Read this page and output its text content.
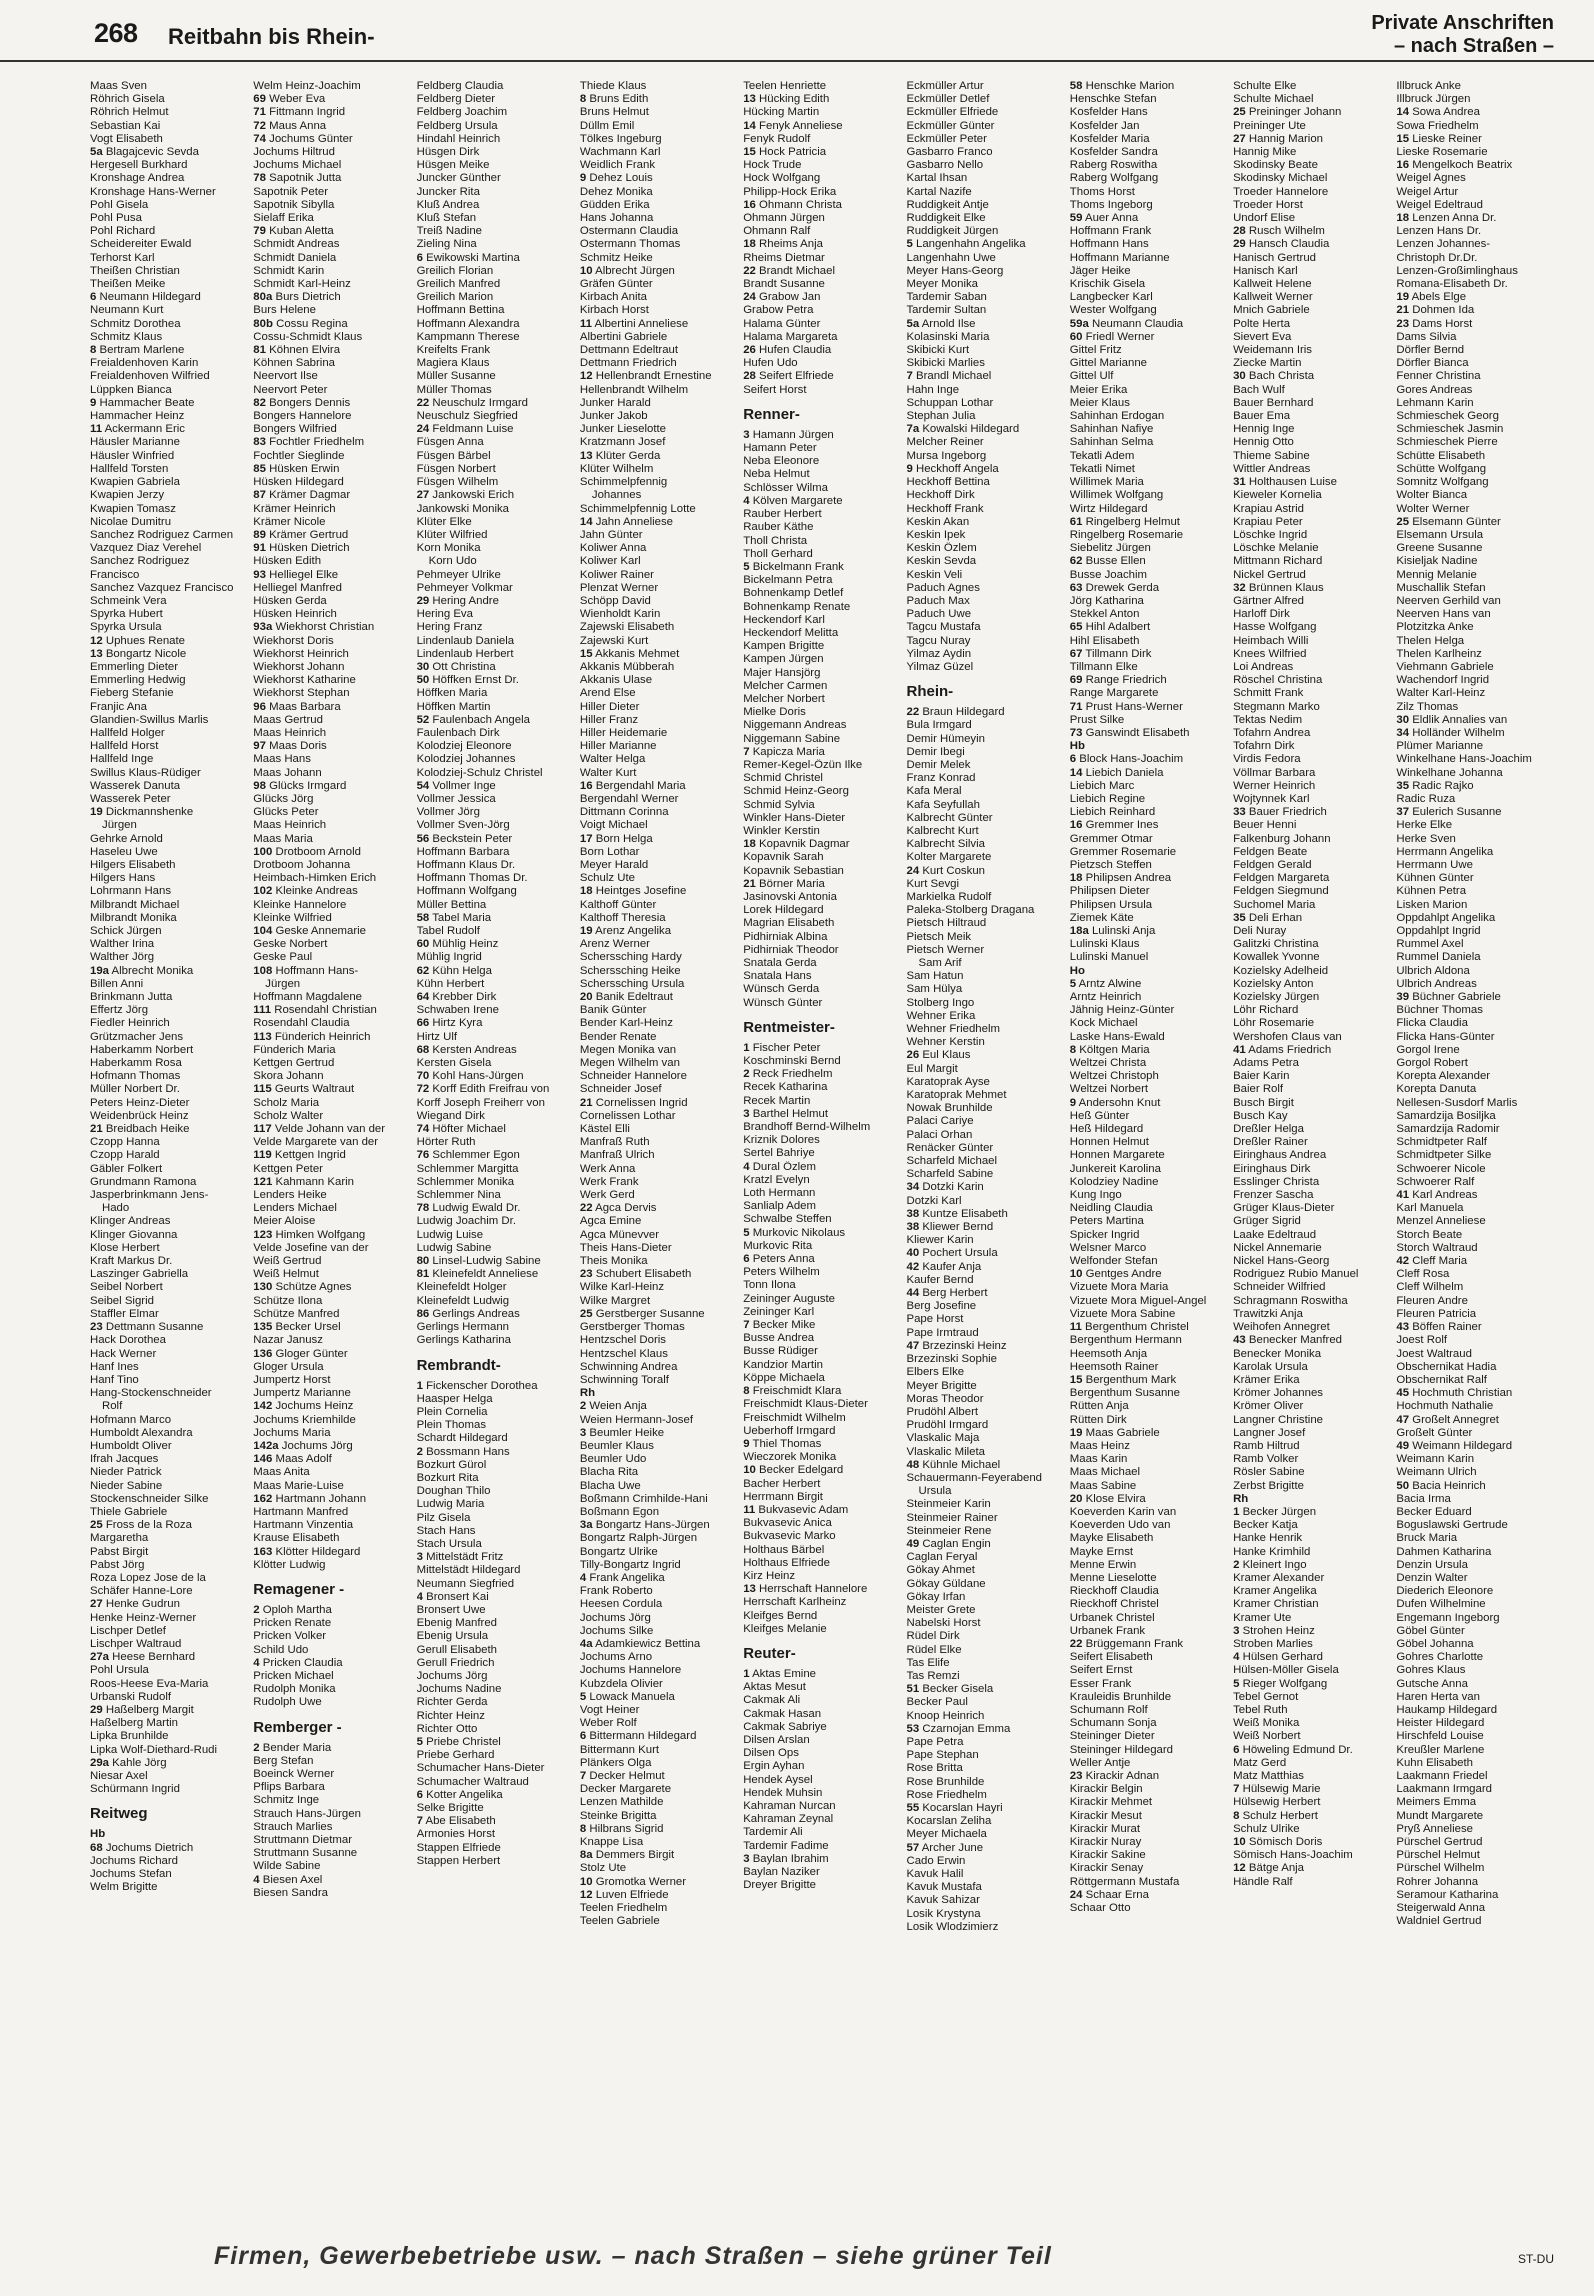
268 Reitbahn bis Rhein-
Private Anschriften
– nach Straßen –
Maas Sven
Röhrich Gisela
Röhrich Helmut
Sebastian Kai
Vogt Elisabeth
5a Blagajcevic Sevda
Hergesell Burkhard
Kronshage Andrea
Kronshage Hans-Werner
Pohl Gisela
Pohl Pusa
Pohl Richard
Scheidereiter Ewald
Terhorst Karl
Theißen Christian
Theißen Meike
6 Neumann Hildegard
Neumann Kurt
Schmitz Dorothea
Schmitz Klaus
8 Bertram Marlene
Freialdenhoven Karin
Freialdenhoven Wilfried
Lüppken Bianca
9 Hammacher Beate
Hammacher Heinz
11 Ackermann Eric
Häusler Marianne
Häusler Winfried
Hallfeld Torsten
Kwapien Gabriela
Kwapien Jerzy
Kwapien Tomasz
Nicolae Dumitru
Sanchez Rodriguez Carmen
Vazquez Diaz Verehel
Sanchez Rodriguez
Francisco
Sanchez Vazquez Francisco
Schmeink Vera
Spyrka Hubert
Spyrka Ursula
12 Uphues Renate
13 Bongartz Nicole
Emmerling Dieter
Emmerling Hedwig
Fieberg Stefanie
Franjic Ana
Glandien-Swillus Marlis
Hallfeld Holger
Hallfeld Horst
Hallfeld Inge
Swillus Klaus-Rüdiger
Wasserek Danuta
Wasserek Peter
19 Dickmannshenke
Jürgen
Gehrke Arnold
Haseleu Uwe
Hilgers Elisabeth
Hilgers Hans
Lohrmann Hans
Milbrandt Michael
Milbrandt Monika
Schick Jürgen
Walther Irina
Walther Jörg
19a Albrecht Monika
Billen Anni
Brinkmann Jutta
Effertz Jörg
Fiedler Heinrich
Grützmacher Jens
Haberkamm Norbert
Haberkamm Rosa
Hofmann Thomas
Müller Norbert Dr.
Peters Heinz-Dieter
Weidenbrück Heinz
21 Breidbach Heike
Czopp Hanna
Czopp Harald
Gäbler Folkert
Grundmann Ramona
Jasperbrinkmann Jens-
Hado
Klinger Andreas
Klinger Giovanna
Klose Herbert
Kraft Markus Dr.
Laszinger Gabriella
Seibel Norbert
Seibel Sigrid
Staffler Elmar
23 Dettmann Susanne
Hack Dorothea
Hack Werner
Hanf Ines
Hanf Tino
Hang-Stockenschneider
Rolf
Hofmann Marco
Humboldt Alexandra
Humboldt Oliver
Ifrah Jacques
Nieder Patrick
Nieder Sabine
Stockenschneider Silke
Thiele Gabriele
25 Fross de la Roza
Margaretha
Pabst Birgit
Pabst Jörg
Roza Lopez Jose de la
Schäfer Hanne-Lore
27 Henke Gudrun
Henke Heinz-Werner
Lischper Detlef
Lischper Waltraud
27a Heese Bernhard
Pohl Ursula
Roos-Heese Eva-Maria
Urbanski Rudolf
29 Haßelberg Margit
Haßelberg Martin
Lipka Brunhilde
Lipka Wolf-Diethard-Rudi
29a Kahle Jörg
Niesar Axel
Schürmann Ingrid
Reitweg
Hb
68 Jochums Dietrich
Jochums Richard
Jochums Stefan
Welm Brigitte
Welm Heinz-Joachim
69 Weber Eva
71 Fittmann Ingrid
72 Maus Anna
74 Jochums Günter
Jochums Hiltrud
Jochums Michael
78 Sapotnik Jutta
Sapotnik Peter
Sapotnik Sibylla
Sielaff Erika
79 Kuban Aletta
Schmidt Andreas
Schmidt Daniela
Schmidt Karin
Schmidt Karl-Heinz
80a Burs Dietrich
Burs Helene
80b Cossu Regina
Cossu-Schmidt Klaus
81 Köhnen Elvira
Köhnen Sabrina
Neervort Ilse
Neervort Peter
82 Bongers Dennis
Bongers Hannelore
Bongers Wilfried
83 Fochtler Friedhelm
Fochtler Sieglinde
85 Hüsken Erwin
Hüsken Hildegard
87 Krämer Dagmar
Krämer Heinrich
Krämer Nicole
89 Krämer Gertrud
91 Hüsken Dietrich
Hüsken Edith
93 Helliegel Elke
Helliegel Manfred
Hüsken Gerda
Hüsken Heinrich
93a Wiekhorst Christian
Wiekhorst Doris
Wiekhorst Heinrich
Wiekhorst Johann
Wiekhorst Katharine
Wiekhorst Stephan
96 Maas Barbara
Maas Gertrud
Maas Heinrich
97 Maas Doris
Maas Hans
Maas Johann
98 Glücks Irmgard
Glücks Jörg
Glücks Peter
Maas Heinrich
Maas Maria
100 Drotboom Arnold
Drotboom Johanna
Heimbach-Himken Erich
102 Kleinke Andreas
Kleinke Hannelore
Kleinke Wilfried
104 Geske Annemarie
Geske Norbert
Geske Paul
108 Hoffmann Hans-
Jürgen
Hoffmann Magdalene
111 Rosendahl Christian
Rosendahl Claudia
113 Fünderich Heinrich
Fünderich Maria
Kettgen Gertrud
Skora Johann
115 Geurts Waltraut
Scholz Maria
Scholz Walter
117 Velde Johann van der
Velde Margarete van der
119 Kettgen Ingrid
Kettgen Peter
121 Kahmann Karin
Lenders Heike
Lenders Michael
Meier Aloise
123 Himken Wolfgang
Velde Josefine van der
Weiß Gertrud
Weiß Helmut
130 Schütze Agnes
Schütze Ilona
Schütze Manfred
135 Becker Ursel
Nazar Janusz
136 Gloger Günter
Gloger Ursula
Jumpertz Horst
Jumpertz Marianne
142 Jochums Heinz
Jochums Kriemhilde
Jochums Maria
142a Jochums Jörg
146 Maas Adolf
Maas Anita
Maas Marie-Luise
162 Hartmann Johann
Hartmann Manfred
Hartmann Vinzentia
Krause Elisabeth
163 Klötter Hildegard
Klötter Ludwig
Remagener -
2 Oploh Martha
Pricken Renate
Pricken Volker
Schild Udo
4 Pricken Claudia
Pricken Michael
Rudolph Monika
Rudolph Uwe
Remberger -
2 Bender Maria
Berg Stefan
Boeinck Werner
Pflips Barbara
Schmitz Inge
Strauch Hans-Jürgen
Strauch Marlies
Struttmann Dietmar
Struttmann Susanne
Wilde Sabine
4 Biesen Axel
Biesen Sandra
Feldberg Claudia
Feldberg Dieter
Feldberg Joachim
Feldberg Ursula
Hindahl Heinrich
Hüsgen Dirk
Hüsgen Meike
Juncker Günther
Juncker Rita
Kluß Andrea
Kluß Stefan
Treiß Nadine
Zieling Nina
6 Ewikowski Martina
Greilich Florian
Greilich Manfred
Greilich Marion
Hoffmann Bettina
Hoffmann Alexandra
Kampmann Therese
Kreifelts Frank
Magiera Klaus
Müller Susanne
Müller Thomas
22 Neuschulz Irmgard
Neuschulz Siegfried
24 Feldmann Luise
Füsgen Anna
Füsgen Bärbel
Füsgen Norbert
Füsgen Wilhelm
27 Jankowski Erich
Jankowski Monika
Klüter Elke
Klüter Wilfried
Korn Monika
Korn Udo
Pehmeyer Ulrike
Pehmeyer Volkmar
29 Hering Andre
Hering Eva
Hering Franz
Lindenlaub Daniela
Lindenlaub Herbert
30 Ott Christina
50 Höffken Ernst Dr.
Höffken Maria
Höffken Martin
52 Faulenbach Angela
Faulenbach Dirk
Kolodziej Eleonore
Kolodziej Johannes
Kolodziej-Schulz Christel
54 Vollmer Inge
Vollmer Jessica
Vollmer Jörg
Vollmer Sven-Jörg
56 Beckstein Peter
Hoffmann Barbara
Hoffmann Klaus Dr.
Hoffmann Thomas Dr.
Hoffmann Wolfgang
Müller Bettina
58 Tabel Maria
Tabel Rudolf
60 Mühlig Heinz
Mühlig Ingrid
62 Kühn Helga
Kühn Herbert
64 Krebber Dirk
Schwaben Irene
66 Hirtz Kyra
Hirtz Ulf
68 Kersten Andreas
Kersten Gisela
70 Kohl Hans-Jürgen
72 Korff Edith Freifrau von
Korff Joseph Freiherr von
Wiegand Dirk
74 Höfter Michael
Hörter Ruth
76 Schlemmer Egon
Schlemmer Margitta
Schlemmer Monika
Schlemmer Nina
78 Ludwig Ewald Dr.
Ludwig Joachim Dr.
Ludwig Luise
Ludwig Sabine
80 Linsel-Ludwig Sabine
81 Kleinefeldt Anneliese
Kleinefeldt Holger
Kleinefeldt Ludwig
86 Gerlings Andreas
Gerlings Hermann
Gerlings Katharina
Rembrandt-
1 Fickenscher Dorothea
Haasper Helga
Plein Cornelia
Plein Thomas
Schardt Hildegard
2 Bossmann Hans
Bozkurt Gürol
Bozkurt Rita
Doughan Thilo
Ludwig Maria
Pilz Gisela
Stach Hans
Stach Ursula
3 Mittelstädt Fritz
Mittelstädt Hildegard
Neumann Siegfried
4 Bronsert Kai
Bronsert Uwe
Ebenig Manfred
Ebenig Ursula
Gerull Elisabeth
Gerull Friedrich
Jochums Jörg
Jochums Nadine
Richter Gerda
Richter Heinz
Richter Otto
5 Priebe Christel
Priebe Gerhard
Schumacher Hans-Dieter
Schumacher Waltraud
6 Kotter Angelika
Selke Brigitte
7 Abe Elisabeth
Armonies Horst
Stappen Elfriede
Stappen Herbert
Thiede Klaus
8 Bruns Edith
Bruns Helmut
Düllm Emil
Tölkes Ingeburg
Wachmann Karl
Weidlich Frank
9 Dehez Louis
Dehez Monika
Güdden Erika
Hans Johanna
Ostermann Claudia
Ostermann Thomas
Schmitz Heike
10 Albrecht Jürgen
Gräfen Günter
Kirbach Anita
Kirbach Horst
11 Albertini Anneliese
Albertini Gabriele
Dettmann Edeltraut
Dettmann Friedrich
12 Hellenbrandt Ernestine
Hellenbrandt Wilhelm
Junker Harald
Junker Jakob
Junker Lieselotte
Kratzmann Josef
13 Klüter Gerda
Klüter Wilhelm
Schimmelpfennig
Johannes
Schimmelpfennig Lotte
14 Jahn Anneliese
Jahn Günter
Koliwer Anna
Koliwer Karl
Koliwer Rainer
Plenzat Werner
Schöpp David
Wienholdt Karin
Zajewski Elisabeth
Zajewski Kurt
15 Akkanis Mehmet
Akkanis Mübberah
Akkanis Ulase
Arend Else
Hiller Dieter
Hiller Franz
Hiller Heidemarie
Hiller Marianne
Walter Helga
Walter Kurt
16 Bergendahl Maria
Bergendahl Werner
Dittmann Corinna
Voigt Michael
17 Born Helga
Born Lothar
Meyer Harald
Schulz Ute
18 Heintges Josefine
Kalthoff Günter
Kalthoff Theresia
19 Arenz Angelika
Arenz Werner
Scherssching Hardy
Scherssching Heike
Scherssching Ursula
20 Banik Edeltraut
Banik Günter
Bender Karl-Heinz
Bender Renate
Megen Monika van
Megen Wilhelm van
Schneider Hannelore
Schneider Josef
21 Cornelissen Ingrid
Cornelissen Lothar
Kästel Elli
Manfraß Ruth
Manfraß Ulrich
Werk Anna
Werk Frank
Werk Gerd
22 Agca Dervis
Agca Emine
Agca Münevver
Theis Hans-Dieter
Theis Monika
23 Schubert Elisabeth
Wilke Karl-Heinz
Wilke Margret
25 Gerstberger Susanne
Gerstberger Thomas
Hentzschel Doris
Hentzschel Klaus
Schwinning Andrea
Schwinning Toralf
Rh
2 Weien Anja
Weien Hermann-Josef
3 Beumler Heike
Beumler Klaus
Beumler Udo
Blacha Rita
Blacha Uwe
Boßmann Crimhilde-Hani
Boßmann Egon
3a Bongartz Hans-Jürgen
Bongartz Ralph-Jürgen
Bongartz Ulrike
Tilly-Bongartz Ingrid
4 Frank Angelika
Frank Roberto
Heesen Cordula
Jochums Jörg
Jochums Silke
4a Adamkiewicz Bettina
Jochums Arno
Jochums Hannelore
Kubzdela Olivier
5 Lowack Manuela
Vogt Heiner
Weber Rolf
6 Bittermann Hildegard
Bittermann Kurt
Plänkers Olga
7 Decker Helmut
Decker Margarete
Lenzen Mathilde
Steinke Brigitta
8 Hilbrans Sigrid
Knappe Lisa
8a Demmers Birgit
Stolz Ute
10 Gromotka Werner
12 Luven Elfriede
Teelen Friedhelm
Teelen Gabriele
Teelen Henriette
13 Hücking Edith
Hücking Martin
14 Fenyk Anneliese
Fenyk Rudolf
15 Hock Patricia
Hock Trude
Hock Wolfgang
Philipp-Hock Erika
16 Ohmann Christa
Ohmann Jürgen
Ohmann Ralf
18 Rheims Anja
Rheims Dietmar
22 Brandt Michael
Brandt Susanne
24 Grabow Jan
Grabow Petra
Halama Günter
Halama Margareta
26 Hufen Claudia
Hufen Udo
28 Seifert Elfriede
Seifert Horst
Renner-
3 Hamann Jürgen
Hamann Peter
Neba Eleonore
Neba Helmut
Schlösser Wilma
4 Kölven Margarete
Rauber Herbert
Rauber Käthe
Tholl Christa
Tholl Gerhard
5 Bickelmann Frank
Bickelmann Petra
Bohnenkamp Detlef
Bohnenkamp Renate
Heckendorf Karl
Heckendorf Melitta
Kampen Brigitte
Kampen Jürgen
Majer Hansjörg
Melcher Carmen
Melcher Norbert
Mielke Doris
Niggemann Andreas
Niggemann Sabine
7 Kapicza Maria
Remer-Kegel-Özün Ilke
Schmid Christel
Schmid Heinz-Georg
Schmid Sylvia
Winkler Hans-Dieter
Winkler Kerstin
18 Kopavnik Dagmar
Kopavnik Sarah
Kopavnik Sebastian
21 Börner Maria
Jasinovski Antonia
Lorek Hildegard
Magrian Elisabeth
Pidhirniak Albina
Pidhirniak Theodor
Snatala Gerda
Snatala Hans
Wünsch Gerda
Wünsch Günter
Rentmeister-
1 Fischer Peter
Koschminski Bernd
2 Reck Friedhelm
Recek Katharina
Recek Martin
3 Barthel Helmut
Brandhoff Bernd-Wilhelm
Kriznik Dolores
Sertel Bahriye
4 Dural Özlem
Kratzl Evelyn
Loth Hermann
Sanlialp Adem
Schwalbe Steffen
5 Murkovic Nikolaus
Murkovic Rita
6 Peters Anna
Peters Wilhelm
Tonn Ilona
Zeininger Auguste
Zeininger Karl
7 Becker Mike
Busse Andrea
Busse Rüdiger
Kandzior Martin
Köppe Michaela
8 Freischmidt Klara
Freischmidt Klaus-Dieter
Freischmidt Wilhelm
Ueberhoff Irmgard
9 Thiel Thomas
Wieczorek Monika
10 Becker Edelgard
Bacher Herbert
Herrmann Birgit
11 Bukvasevic Adam
Bukvasevic Anica
Bukvasevic Marko
Holthaus Bärbel
Holthaus Elfriede
Kirz Heinz
13 Herrschaft Hannelore
Herrschaft Karlheinz
Kleifges Bernd
Kleifges Melanie
Reuter-
1 Aktas Emine
Aktas Mesut
Cakmak Ali
Cakmak Hasan
Cakmak Sabriye
Dilsen Arslan
Dilsen Ops
Ergin Ayhan
Hendek Aysel
Hendek Muhsin
Kahraman Nurcan
Kahraman Zeynal
Tardemir Ali
Tardemir Fadime
3 Baylan Ibrahim
Baylan Naziker
Dreyer Brigitte
Eckmüller Artur
Eckmüller Detlef
Eckmüller Elfriede
Eckmüller Günter
Eckmüller Peter
Gasbarro Franco
Gasbarro Nello
Kartal Ihsan
Kartal Nazife
Ruddigkeit Antje
Ruddigkeit Elke
Ruddigkeit Jürgen
5 Langenhahn Angelika
Langenhahn Uwe
Meyer Hans-Georg
Meyer Monika
Tardemir Saban
Tardemir Sultan
5a Arnold Ilse
Kolasinski Maria
Skibicki Kurt
Skibicki Marlies
7 Brandl Michael
Hahn Inge
Schuppan Lothar
Stephan Julia
7a Kowalski Hildegard
Melcher Reiner
Mursa Ingeborg
9 Heckhoff Angela
Heckhoff Bettina
Heckhoff Dirk
Heckhoff Frank
Keskin Akan
Keskin Ipek
Keskin Özlem
Keskin Sevda
Keskin Veli
Paduch Agnes
Paduch Max
Paduch Uwe
Tagcu Mustafa
Tagcu Nuray
Yilmaz Aydin
Yilmaz Güzel
Rhein-
22 Braun Hildegard
Bula Irmgard
Demir Hümeyin
Demir Ibegi
Demir Melek
Franz Konrad
Kafa Meral
Kafa Seyfullah
Kalbrecht Günter
Kalbrecht Kurt
Kalbrecht Silvia
Kolter Margarete
24 Kurt Coskun
Kurt Sevgi
Markielka Rudolf
Paleka-Stolberg Dragana
Pietsch Hiltraud
Pietsch Meik
Pietsch Werner
Sam Arif
Sam Hatun
Sam Hülya
Stolberg Ingo
Wehner Erika
Wehner Friedhelm
Wehner Kerstin
26 Eul Klaus
Eul Margit
Karatoprak Ayse
Karatoprak Mehmet
Nowak Brunhilde
Palaci Cariye
Palaci Orhan
Renäcker Günter
Scharfeld Michael
Scharfeld Sabine
34 Dotzki Karin
Dotzki Karl
38 Kuntze Elisabeth
38 Kliewer Bernd
Kliewer Karin
40 Pochert Ursula
42 Kaufer Anja
Kaufer Bernd
44 Berg Herbert
Berg Josefine
Pape Horst
Pape Irmtraud
47 Brzezinski Heinz
Brzezinski Sophie
Elbers Elke
Meyer Brigitte
Moras Theodor
Prudöhl Albert
Prudöhl Irmgard
Vlaskalic Maja
Vlaskalic Mileta
48 Kühnle Michael
Schauermann-Feyerabend
Ursula
Steinmeier Karin
Steinmeier Rainer
Steinmeier Rene
49 Caglan Engin
Caglan Feryal
Gökay Ahmet
Gökay Güldane
Gökay Irfan
Meister Grete
Nabelski Horst
Rüdel Dirk
Rüdel Elke
Tas Elife
Tas Remzi
51 Becker Gisela
Becker Paul
Knoop Heinrich
53 Czarnojan Emma
Pape Petra
Pape Stephan
Rose Britta
Rose Brunhilde
Rose Friedhelm
55 Kocarslan Hayri
Kocarslan Zeliha
Meyer Michaela
57 Archer June
Cado Erwin
Kavuk Halil
Kavuk Mustafa
Kavuk Sahizar
Losik Krystyna
Losik Wlodzimierz
58 Henschke Marion
Henschke Stefan
Kosfelder Hans
Kosfelder Jan
Kosfelder Maria
Kosfelder Sandra
Raberg Roswitha
Raberg Wolfgang
Thoms Horst
Thoms Ingeborg
59 Auer Anna
Hoffmann Frank
Hoffmann Hans
Hoffmann Marianne
Jäger Heike
Krischik Gisela
Langbecker Karl
Wester Wolfgang
59a Neumann Claudia
60 Friedl Werner
Gittel Fritz
Gittel Marianne
Gittel Ulf
Meier Erika
Meier Klaus
Sahinhan Erdogan
Sahinhan Nafiye
Sahinhan Selma
Tekatli Adem
Tekatli Nimet
Willimek Maria
Willimek Wolfgang
Wirtz Hildegard
61 Ringelberg Helmut
Ringelberg Rosemarie
Siebelitz Jürgen
62 Busse Ellen
Busse Joachim
63 Drewek Gerda
Jörg Katharina
Stekkel Anton
65 Hihl Adalbert
Hihl Elisabeth
67 Tillmann Dirk
Tillmann Elke
69 Range Friedrich
Range Margarete
71 Prust Hans-Werner
Prust Silke
73 Ganswindt Elisabeth
Hb
6 Block Hans-Joachim
14 Liebich Daniela
Liebich Marc
Liebich Regine
Liebich Reinhard
16 Gremmer Ines
Gremmer Otmar
Gremmer Rosemarie
Pietzsch Steffen
18 Philipsen Andrea
Philipsen Dieter
Philipsen Ursula
Ziemek Käte
18a Lulinski Anja
Lulinski Klaus
Lulinski Manuel
Ho
5 Arntz Alwine
Arntz Heinrich
Jähnig Heinz-Günter
Kock Michael
Laske Hans-Ewald
8 Költgen Maria
Weltzei Christa
Weltzei Christoph
Weltzei Norbert
9 Andersohn Knut
Heß Günter
Heß Hildegard
Honnen Helmut
Honnen Margarete
Junkereit Karolina
Kolodziey Nadine
Kung Ingo
Neidling Claudia
Peters Martina
Spicker Ingrid
Welsner Marco
Welfonder Stefan
10 Gentges Andre
Vizuete Mora Maria
Vizuete Mora Miguel-Angel
Vizuete Mora Sabine
11 Bergenthum Christel
Bergenthum Hermann
Heemsoth Anja
Heemsoth Rainer
15 Bergenthum Mark
Bergenthum Susanne
Rütten Anja
Rütten Dirk
19 Maas Gabriele
Maas Heinz
Maas Karin
Maas Michael
Maas Sabine
20 Klose Elvira
Koeverden Karin van
Koeverden Udo van
Mayke Elisabeth
Mayke Ernst
Menne Erwin
Menne Lieselotte
Rieckhoff Claudia
Rieckhoff Christel
Urbanek Christel
Urbanek Frank
22 Brüggemann Frank
Seifert Elisabeth
Seifert Ernst
Esser Frank
Krauleidis Brunhilde
Schumann Rolf
Schumann Sonja
Steininger Dieter
Steininger Hildegard
Weller Antje
23 Kirackir Adnan
Kirackir Belgin
Kirackir Mehmet
Kirackir Mesut
Kirackir Murat
Kirackir Nuray
Kirackir Sakine
Kirackir Senay
Röttgermann Mustafa
24 Schaar Erna
Schaar Otto
Schulte Elke
Schulte Michael
25 Preininger Johann
Preininger Ute
27 Hannig Marion
Hannig Mike
Skodinsky Beate
Skodinsky Michael
Troeder Hannelore
Troeder Horst
Undorf Elise
28 Rusch Wilhelm
29 Hansch Claudia
Hanisch Gertrud
Hanisch Karl
Kallweit Helene
Kallweit Werner
Mnich Gabriele
Polte Herta
Sievert Eva
Weidemann Iris
Ziecke Martin
30 Bach Christa
Bach Wulf
Bauer Bernhard
Bauer Ema
Hennig Inge
Hennig Otto
Thieme Sabine
Wittler Andreas
31 Holthausen Luise
Kieweler Kornelia
Krapiau Astrid
Krapiau Peter
Löschke Ingrid
Löschke Melanie
Mittmann Richard
Nickel Gertrud
32 Brünnen Klaus
Gärtner Alfred
Harloff Dirk
Hasse Wolfgang
Heimbach Willi
Knees Wilfried
Loi Andreas
Röschel Christina
Schmitt Frank
Stegmann Marko
Tektas Nedim
Tofahrn Andrea
Tofahrn Dirk
Virdis Fedora
Völlmar Barbara
Werner Heinrich
Wojtynnek Karl
33 Bauer Friedrich
Beuer Henni
Falkenburg Johann
Feldgen Beate
Feldgen Gerald
Feldgen Margareta
Feldgen Siegmund
Suchomel Maria
35 Deli Erhan
Deli Nuray
Galitzki Christina
Kowallek Yvonne
Kozielsky Adelheid
Kozielsky Anton
Kozielsky Jürgen
Löhr Richard
Löhr Rosemarie
Wershofen Claus van
41 Adams Friedrich
Adams Petra
Baier Karin
Baier Rolf
Busch Birgit
Busch Kay
Dreßler Helga
Dreßler Rainer
Eiringhaus Andrea
Eiringhaus Dirk
Esslinger Christa
Frenzer Sascha
Grüger Klaus-Dieter
Grüger Sigrid
Laake Edeltraud
Nickel Annemarie
Nickel Hans-Georg
Rodriguez Rubio Manuel
Schneider Wilfried
Schragmann Roswitha
Trawitzki Anja
Weihofen Annegret
43 Benecker Manfred
Benecker Monika
Karolak Ursula
Krämer Erika
Krömer Johannes
Krömer Oliver
Langner Christine
Langner Josef
Ramb Hiltrud
Ramb Volker
Rösler Sabine
Zerbst Brigitte
Rh
1 Becker Jürgen
Becker Katja
Hanke Henrik
Hanke Krimhild
2 Kleinert Ingo
Kramer Alexander
Kramer Angelika
Kramer Christian
Kramer Ute
3 Strohen Heinz
Stroben Marlies
4 Hülsen Gerhard
Hülsen-Möller Gisela
5 Rieger Wolfgang
Tebel Gernot
Tebel Ruth
Weiß Monika
Weiß Norbert
6 Höweling Edmund Dr.
Matz Gerd
Matz Matthias
7 Hülsewig Marie
Hülsewig Herbert
8 Schulz Herbert
Schulz Ulrike
10 Sömisch Doris
Sömisch Hans-Joachim
12 Bätge Anja
Händle Ralf
Illbruck Anke
Illbruck Jürgen
14 Sowa Andrea
Sowa Friedhelm
15 Lieske Reiner
Lieske Rosemarie
16 Mengelkoch Beatrix
Weigel Agnes
Weigel Artur
Weigel Edeltraud
18 Lenzen Anna Dr.
Lenzen Hans Dr.
Lenzen Johannes-
Christoph Dr.Dr.
Lenzen-Großimlinghaus
Romana-Elisabeth Dr.
19 Abels Elge
21 Dohmen Ida
23 Dams Horst
Dams Silvia
Dörfler Bernd
Dörfler Bianca
Fenner Christina
Gores Andreas
Lehmann Karin
Schmieschek Georg
Schmieschek Jasmin
Schmieschek Pierre
Schütte Elisabeth
Schütte Wolfgang
Somnitz Wolfgang
Wolter Bianca
Wolter Werner
25 Elsemann Günter
Elsemann Ursula
Greene Susanne
Kisieljak Nadine
Mennig Melanie
Muschallik Stefan
Neerven Gerhild van
Neerven Hans van
Plotzitzka Anke
Thelen Helga
Thelen Karlheinz
Viehmann Gabriele
Wachendorf Ingrid
Walter Karl-Heinz
Zilz Thomas
30 Eldlik Annalies van
34 Holländer Wilhelm
Plümer Marianne
Winkelhane Hans-Joachim
Winkelhane Johanna
35 Radic Rajko
Radic Ruza
37 Eulerich Susanne
Herke Elke
Herke Sven
Herrmann Angelika
Herrmann Uwe
Kühnen Günter
Kühnen Petra
Lisken Marion
Oppdahlpt Angelika
Oppdahlpt Ingrid
Rummel Axel
Rummel Daniela
Ulbrich Aldona
Ulbrich Andreas
39 Büchner Gabriele
Büchner Thomas
Flicka Claudia
Flicka Hans-Günter
Gorgol Irene
Gorgol Robert
Korepta Alexander
Korepta Danuta
Nellesen-Susdorf Marlis
Samardzija Bosiljka
Samardzija Radomir
Schmidtpeter Ralf
Schmidtpeter Silke
Schwoerer Nicole
Schwoerer Ralf
41 Karl Andreas
Karl Manuela
Menzel Anneliese
Storch Beate
Storch Waltraud
42 Cleff Maria
Cleff Rosa
Cleff Wilhelm
Fleuren Andre
Fleuren Patricia
43 Böffen Rainer
Joest Rolf
Joest Waltraud
Obschernikat Hadia
Obschernikat Ralf
45 Hochmuth Christian
Hochmuth Nathalie
47 Großelt Annegret
Großelt Günter
49 Weimann Hildegard
Weimann Karin
Weimann Ulrich
50 Bacia Heinrich
Bacia Irma
Becker Eduard
Boguslawski Gertrude
Bruck Maria
Dahmen Katharina
Denzin Ursula
Denzin Walter
Diederich Eleonore
Dufen Wilhelmine
Engemann Ingeborg
Göbel Günter
Göbel Johanna
Gohres Charlotte
Gohres Klaus
Gutsche Anna
Haren Herta van
Haukamp Hildegard
Heister Hildegard
Hirschfeld Louise
Kreußler Marlene
Kuhn Elisabeth
Laakmann Friedel
Laakmann Irmgard
Meimers Emma
Mundt Margarete
Pryß Anneliese
Pürschel Gertrud
Pürschel Helmut
Pürschel Wilhelm
Rohrer Johanna
Seramour Katharina
Steigerwald Anna
Waldniel Gertrud
Firmen, Gewerbebetriebe usw. – nach Straßen – siehe grüner Teil	ST-DU
